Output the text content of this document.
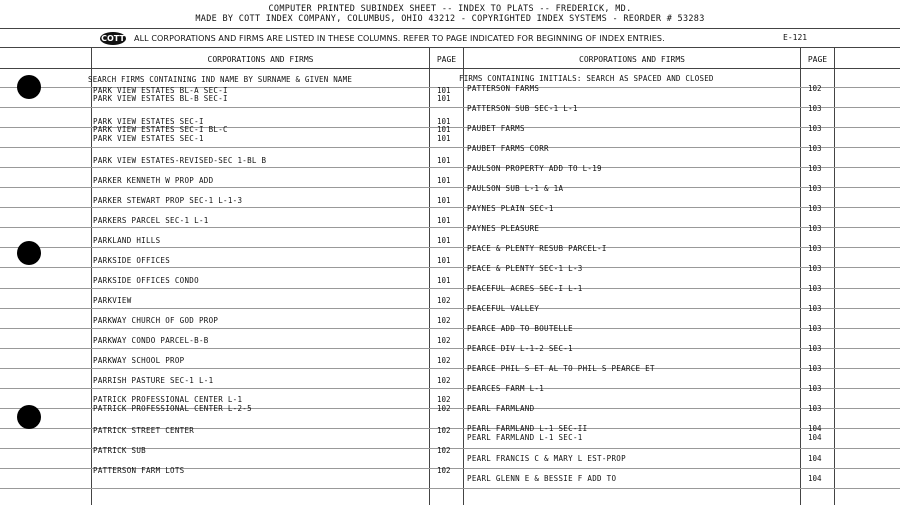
COMPUTER PRINTED SUBINDEX SHEET -- INDEX TO PLATS -- FREDERICK, MD.
MADE BY COTT INDEX COMPANY, COLUMBUS, OHIO 43212 - COPYRIGHTED INDEX SYSTEMS - REORDER # 53283
COTT ALL CORPORATIONS AND FIRMS ARE LISTED IN THESE COLUMNS. REFER TO PAGE INDICATED FOR BEGINNING OF INDEX ENTRIES.	E-121
CORPORATIONS AND FIRMS	PAGE	CORPORATIONS AND FIRMS	PAGE
SEARCH FIRMS CONTAINING IND NAME BY SURNAME & GIVEN NAME	FIRMS CONTAINING INITIALS: SEARCH AS SPACED AND CLOSED
PARK VIEW ESTATES BL-A SEC-I	101
PARK VIEW ESTATES BL-B SEC-I	101
PARK VIEW ESTATES SEC-I	101
PARK VIEW ESTATES SEC-I BL-C	101
PARK VIEW ESTATES SEC-1	101
PARK VIEW ESTATES-REVISED-SEC 1-BL B	101
PARKER KENNETH W PROP ADD	101
PARKER STEWART PROP SEC-1 L-1-3	101
PARKERS PARCEL SEC-1 L-1	101
PARKLAND HILLS	101
PARKSIDE OFFICES	101
PARKSIDE OFFICES CONDO	101
PARKVIEW	102
PARKWAY CHURCH OF GOD PROP	102
PARKWAY CONDO PARCEL-B-B	102
PARKWAY SCHOOL PROP	102
PARRISH PASTURE SEC-1 L-1	102
PATRICK PROFESSIONAL CENTER L-1	102
PATRICK PROFESSIONAL CENTER L-2-5	102
PATRICK STREET CENTER	102
PATRICK SUB	102
PATTERSON FARM LOTS	102
PATTERSON FARMS	102
PATTERSON SUB SEC-1 L-1	103
PAUBET FARMS	103
PAUBET FARMS CORR	103
PAULSON PROPERTY ADD TO L-19	103
PAULSON SUB L-1 & 1A	103
PAYNES PLAIN SEC-1	103
PAYNES PLEASURE	103
PEACE & PLENTY RESUB PARCEL-I	103
PEACE & PLENTY SEC-1 L-3	103
PEACEFUL ACRES SEC-I L-1	103
PEACEFUL VALLEY	103
PEARCE ADD TO BOUTELLE	103
PEARCE DIV L-1-2 SEC-1	103
PEARCE PHIL S ET AL TO PHIL S PEARCE ET	103
PEARCES FARM L-1	103
PEARL FARMLAND	103
PEARL FARMLAND L-1 SEC-II	104
PEARL FARMLAND L-1 SEC-1	104
PEARL FRANCIS C & MARY L EST-PROP	104
PEARL GLENN E & BESSIE F ADD TO	104
